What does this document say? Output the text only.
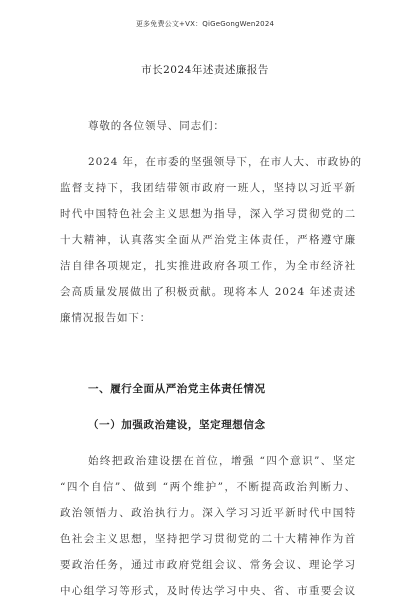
更多免费公文+VX：QiGeGongWen2024
市长2024年述责述廉报告
尊敬的各位领导、同志们：
2024 年，在市委的坚强领导下，在市人大、市政协的
监督支持下，我团结带领市政府一班人，坚持以习近平新
时代中国特色社会主义思想为指导，深入学习贯彻党的二
十大精神，认真落实全面从严治党主体责任，严格遵守廉
洁自律各项规定，扎实推进政府各项工作，为全市经济社
会高质量发展做出了积极贡献。现将本人 2024 年述责述
廉情况报告如下：
一、履行全面从严治党主体责任情况
（一）加强政治建设，坚定理想信念
始终把政治建设摆在首位，增强 “四个意识”、坚定
“四个自信”、做到 “两个维护”，不断提高政治判断力、
政治领悟力、政治执行力。深入学习习近平新时代中国特
色社会主义思想，坚持把学习贯彻党的二十大精神作为首
要政治任务，通过市政府党组会议、常务会议、理论学习
中心组学习等形式，及时传达学习中央、省、市重要会议
